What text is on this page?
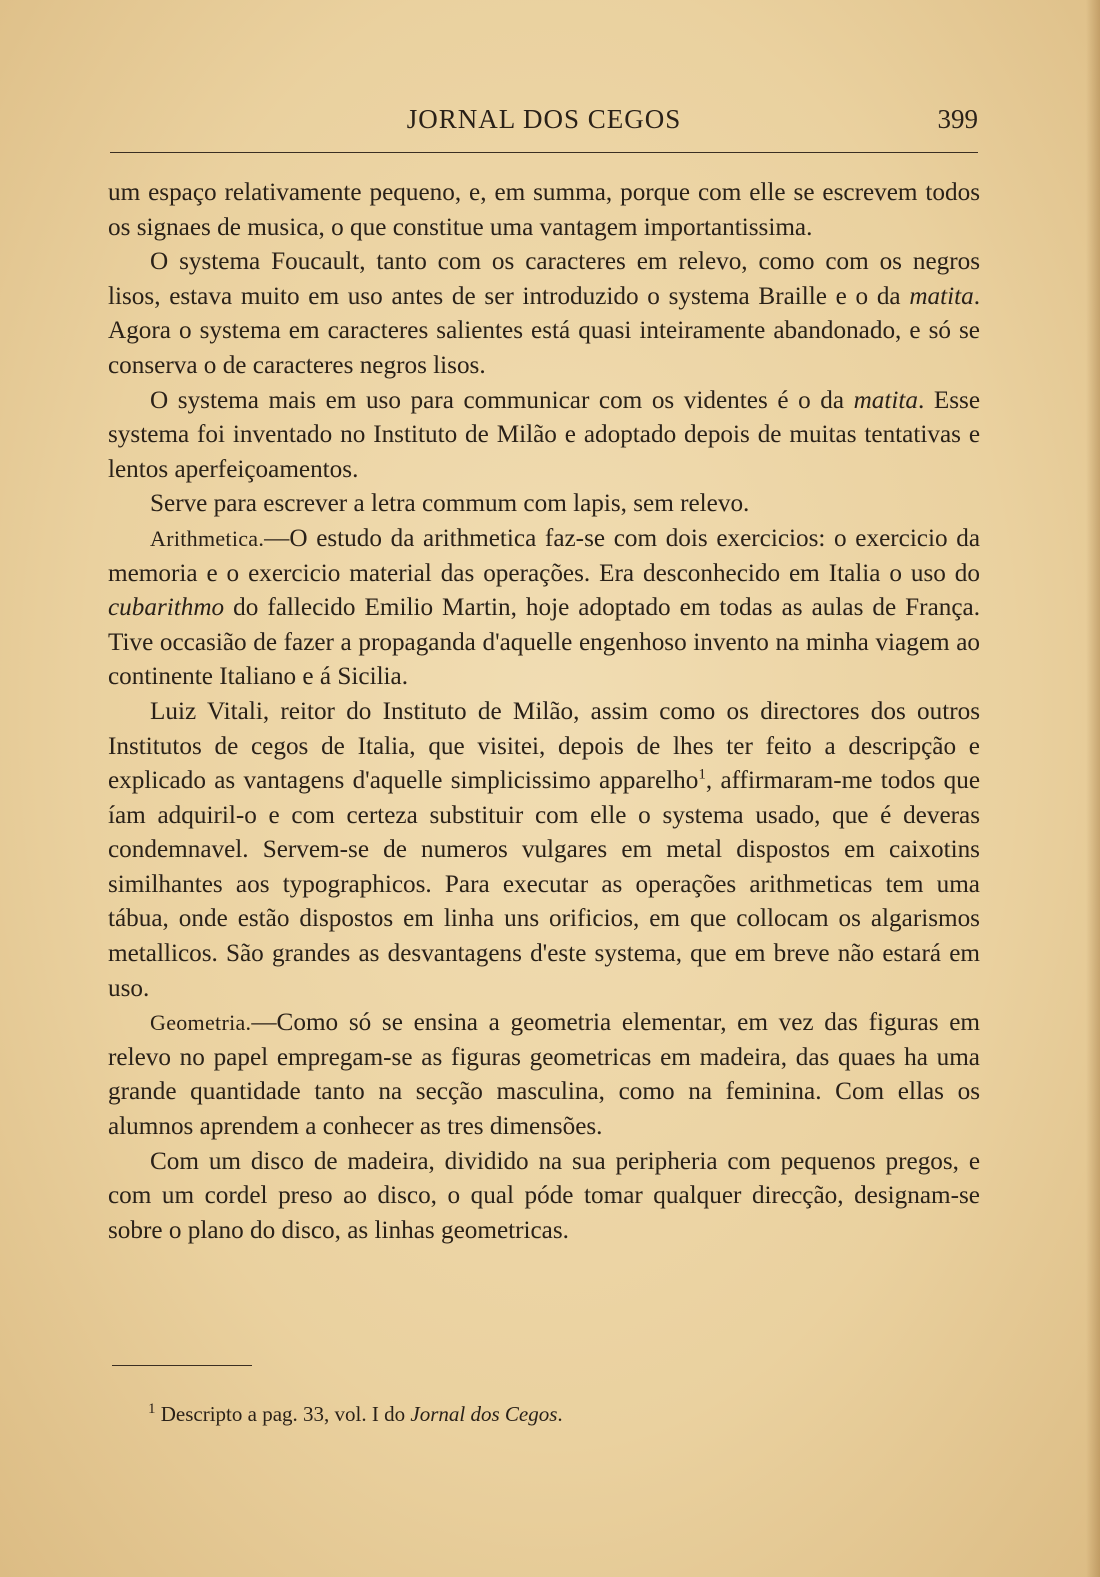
JORNAL DOS CEGOS	399

um espaço relativamente pequeno, e, em summa, porque com elle se escrevem todos os signaes de musica, o que constitue uma vantagem importantissima.

O systema Foucault, tanto com os caracteres em relevo, como com os negros lisos, estava muito em uso antes de ser introduzido o systema Braille e o da matita. Agora o systema em caracteres salientes está quasi inteiramente abandonado, e só se conserva o de caracteres negros lisos.

O systema mais em uso para communicar com os videntes é o da matita. Esse systema foi inventado no Instituto de Milão e adoptado depois de muitas tentativas e lentos aperfeiçoamentos.

Serve para escrever a letra commum com lapis, sem relevo.

Arithmetica.—O estudo da arithmetica faz-se com dois exercicios: o exercicio da memoria e o exercicio material das operações. Era desconhecido em Italia o uso do cubarithmo do fallecido Emilio Martin, hoje adoptado em todas as aulas de França. Tive occasião de fazer a propaganda d'aquelle engenhoso invento na minha viagem ao continente Italiano e á Sicilia.

Luiz Vitali, reitor do Instituto de Milão, assim como os directores dos outros Institutos de cegos de Italia, que visitei, depois de lhes ter feito a descripção e explicado as vantagens d'aquelle simplicissimo apparelho$^1$, affirmaram-me todos que íam adquiril-o e com certeza substituir com elle o systema usado, que é deveras condemnavel. Servem-se de numeros vulgares em metal dispostos em caixotins similhantes aos typographicos. Para executar as operações arithmeticas tem uma tábua, onde estão dispostos em linha uns orificios, em que collocam os algarismos metallicos. São grandes as desvantagens d'este systema, que em breve não estará em uso.

Geometria.—Como só se ensina a geometria elementar, em vez das figuras em relevo no papel empregam-se as figuras geometricas em madeira, das quaes ha uma grande quantidade tanto na secção masculina, como na feminina. Com ellas os alumnos aprendem a conhecer as tres dimensões.

Com um disco de madeira, dividido na sua peripheria com pequenos pregos, e com um cordel preso ao disco, o qual póde tomar qualquer direcção, designam-se sobre o plano do disco, as linhas geometricas.

$^1$ Descripto a pag. 33, vol. I do Jornal dos Cegos.
